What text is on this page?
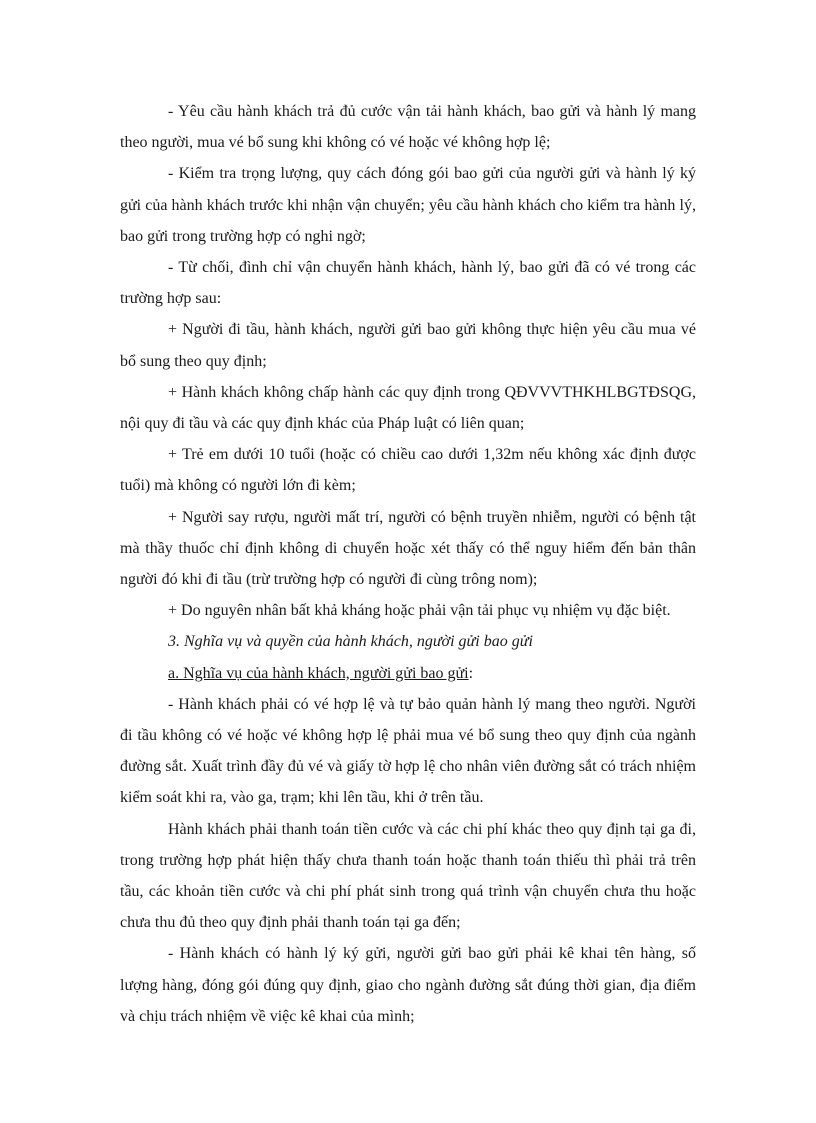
- Yêu cầu hành khách trả đủ cước vận tải hành khách, bao gửi và hành lý mang theo người, mua vé bổ sung khi không có vé hoặc vé không hợp lệ;

- Kiểm tra trọng lượng, quy cách đóng gói bao gửi của người gửi và hành lý ký gửi của hành khách trước khi nhận vận chuyển; yêu cầu hành khách cho kiểm tra hành lý, bao gửi trong trường hợp có nghi ngờ;

- Từ chối, đình chỉ vận chuyển hành khách, hành lý, bao gửi đã có vé trong các trường hợp sau:

+ Người đi tầu, hành khách, người gửi bao gửi không thực hiện yêu cầu mua vé bổ sung theo quy định;

+ Hành khách không chấp hành các quy định trong QĐVVVTHKHLBGTĐSQG, nội quy đi tầu và các quy định khác của Pháp luật có liên quan;

+ Trẻ em dưới 10 tuổi (hoặc có chiều cao dưới 1,32m nếu không xác định được tuổi) mà không có người lớn đi kèm;

+ Người say rượu, người mất trí, người có bệnh truyền nhiễm, người có bệnh tật mà thầy thuốc chỉ định không di chuyển hoặc xét thấy có thể nguy hiểm đến bản thân người đó khi đi tầu (trừ trường hợp có người đi cùng trông nom);

+ Do nguyên nhân bất khả kháng hoặc phải vận tải phục vụ nhiệm vụ đặc biệt.

3. Nghĩa vụ và quyền của hành khách, người gửi bao gửi

a. Nghĩa vụ của hành khách, người gửi bao gửi:

- Hành khách phải có vé hợp lệ và tự bảo quản hành lý mang theo người. Người đi tầu không có vé hoặc vé không hợp lệ phải mua vé bổ sung theo quy định của ngành đường sắt. Xuất trình đầy đủ vé và giấy tờ hợp lệ cho nhân viên đường sắt có trách nhiệm kiểm soát khi ra, vào ga, trạm; khi lên tầu, khi ở trên tầu.

Hành khách phải thanh toán tiền cước và các chi phí khác theo quy định tại ga đi, trong trường hợp phát hiện thấy chưa thanh toán hoặc thanh toán thiếu thì phải trả trên tầu, các khoản tiền cước và chi phí phát sinh trong quá trình vận chuyển chưa thu hoặc chưa thu đủ theo quy định phải thanh toán tại ga đến;

- Hành khách có hành lý ký gửi, người gửi bao gửi phải kê khai tên hàng, số lượng hàng, đóng gói đúng quy định, giao cho ngành đường sắt đúng thời gian, địa điểm và chịu trách nhiệm về việc kê khai của mình;
